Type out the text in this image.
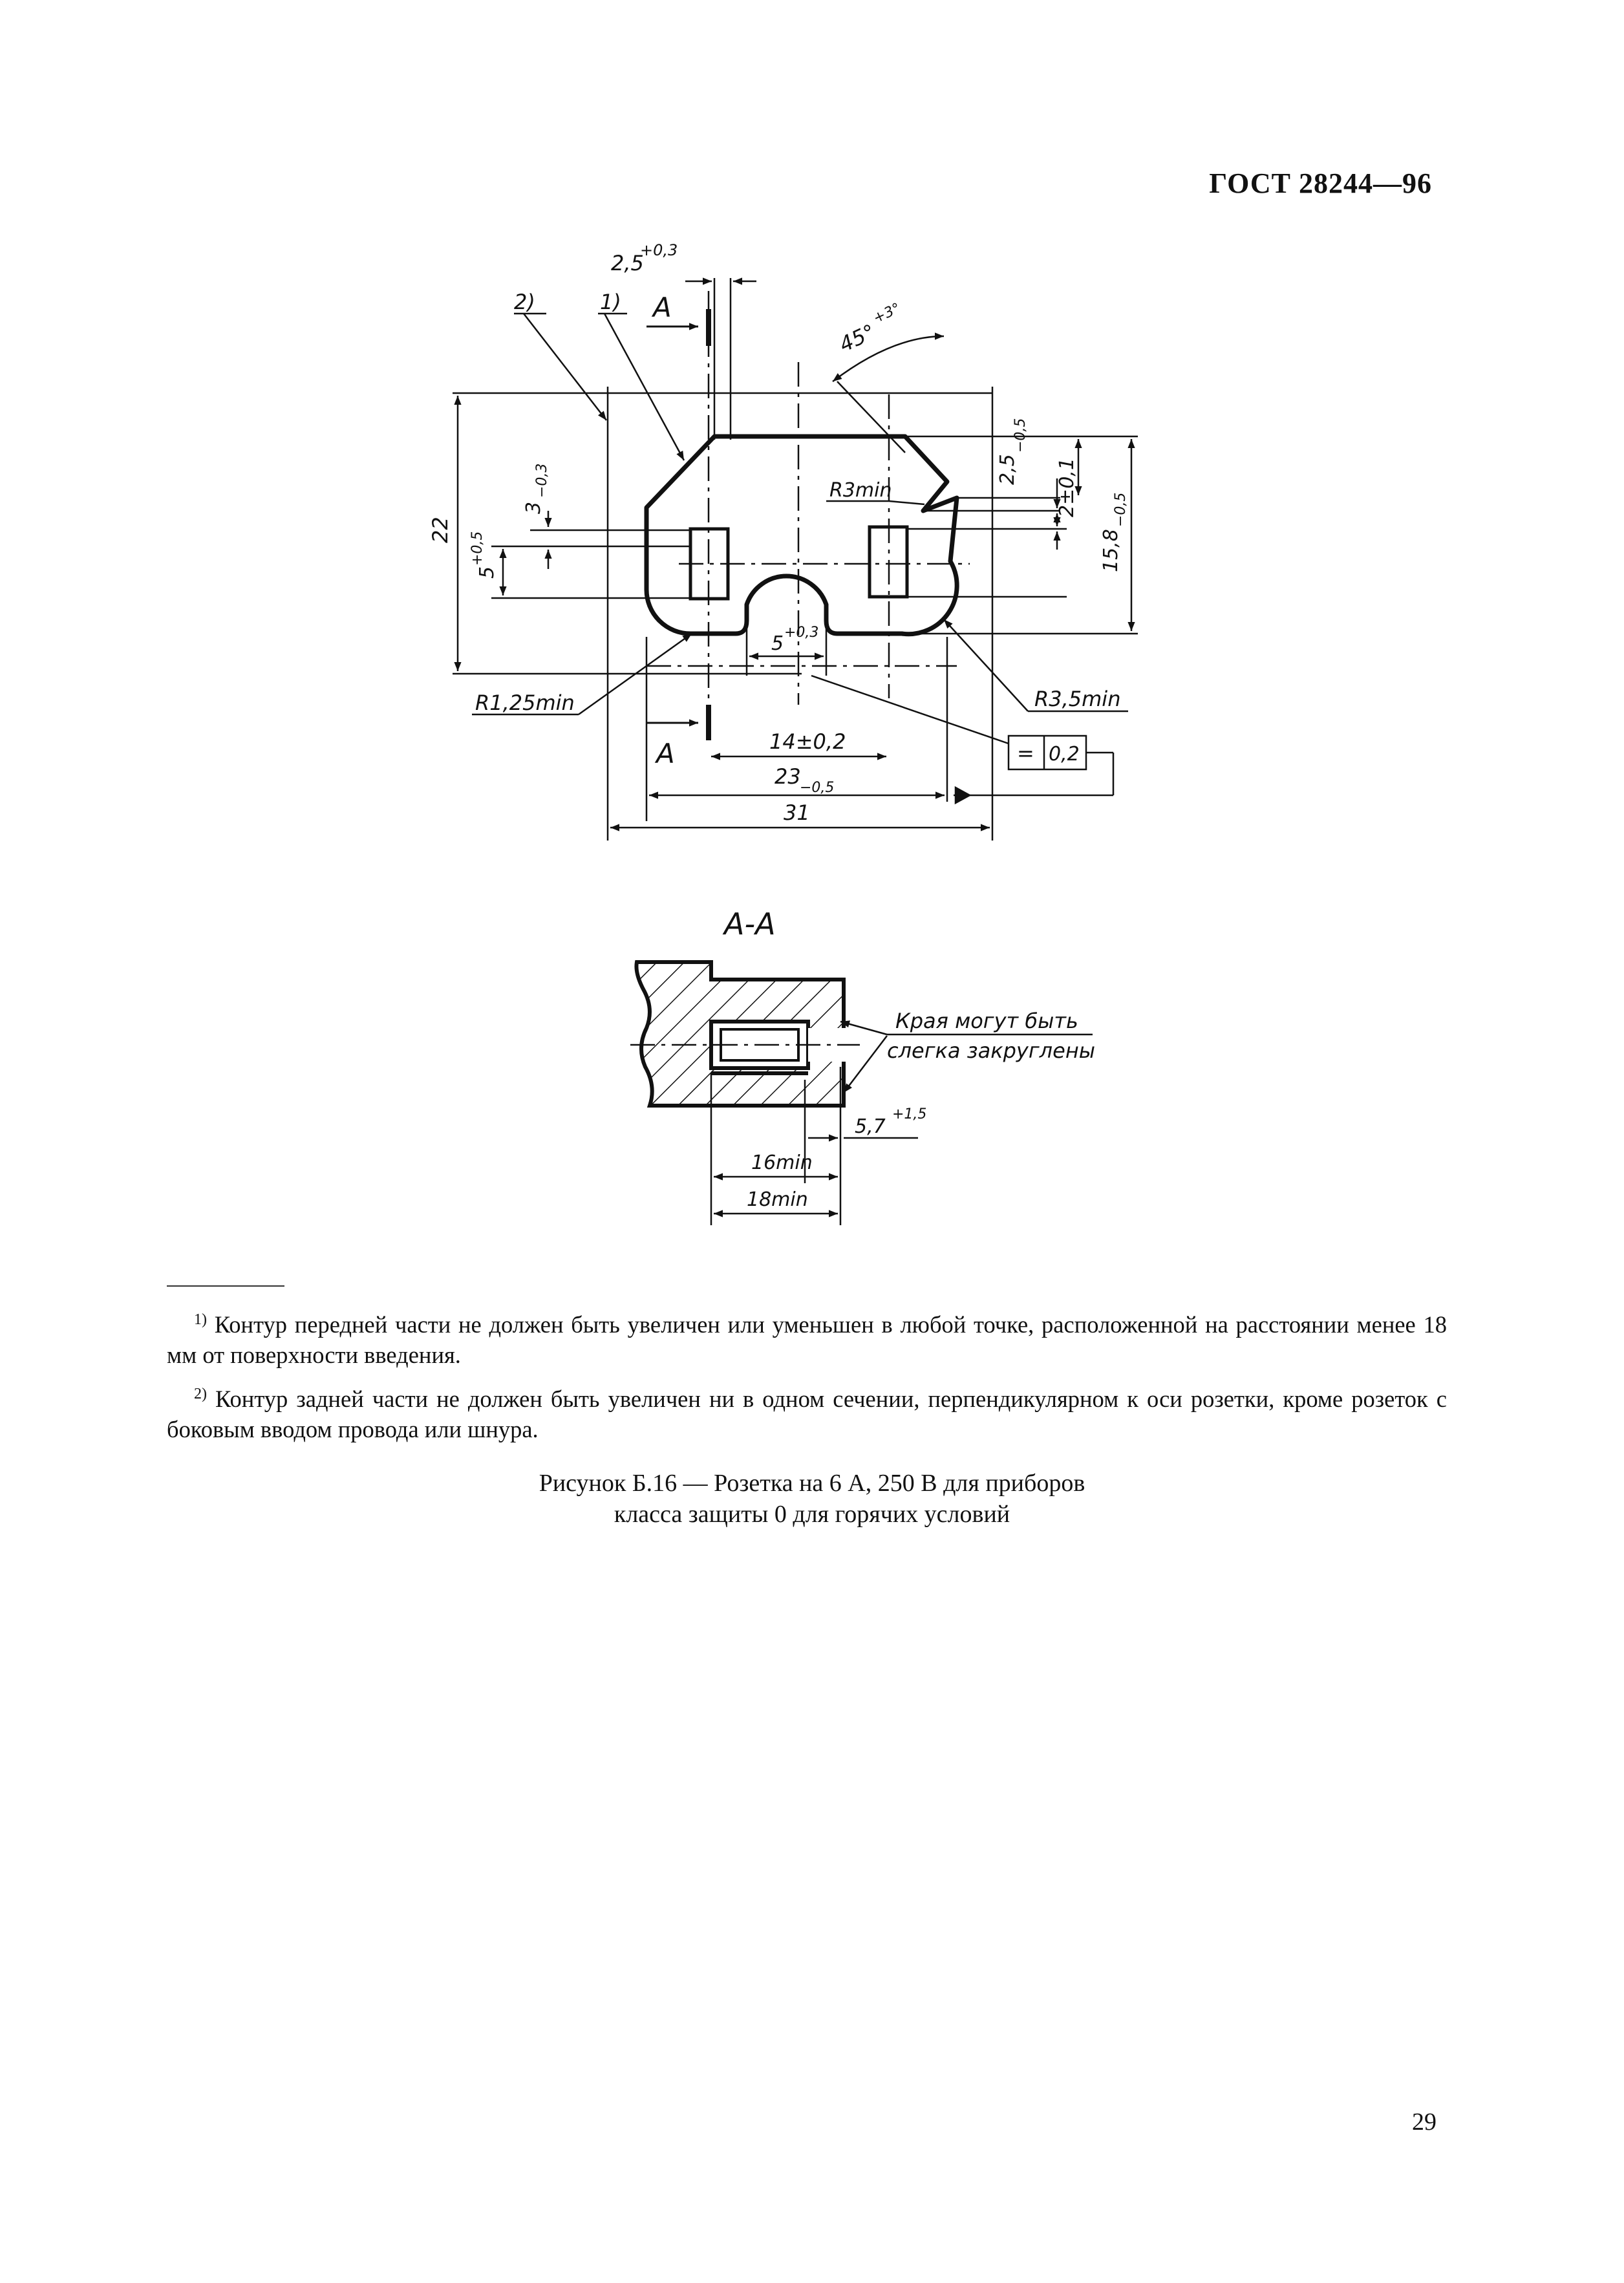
ГОСТ 28244—96
2,5
+0,3
2)	1) A
45°
+3°
22
3
−0,3
5
+0,5
2,5
−0,5
2±0,1
15,8
−0,5
R3min
R1,25min	R3,5min
5 +0,3
A	14±0,2
23
−0,5
31
= 0,2
А-А
Края могут быть
слегка закруглены
5,7
+1,5
16min
18min

$^{1)}$ Контур передней части не должен быть увеличен или уменьшен в любой точке, расположенной на расстоянии менее 18 мм от поверхности введения.

$^{2)}$ Контур задней части не должен быть увеличен ни в одном сечении, перпендикулярном к оси розетки, кроме розеток с боковым вводом провода или шнура.

Рисунок Б.16 — Розетка на 6 А, 250 В для приборов
класса защиты 0 для горячих условий
29
